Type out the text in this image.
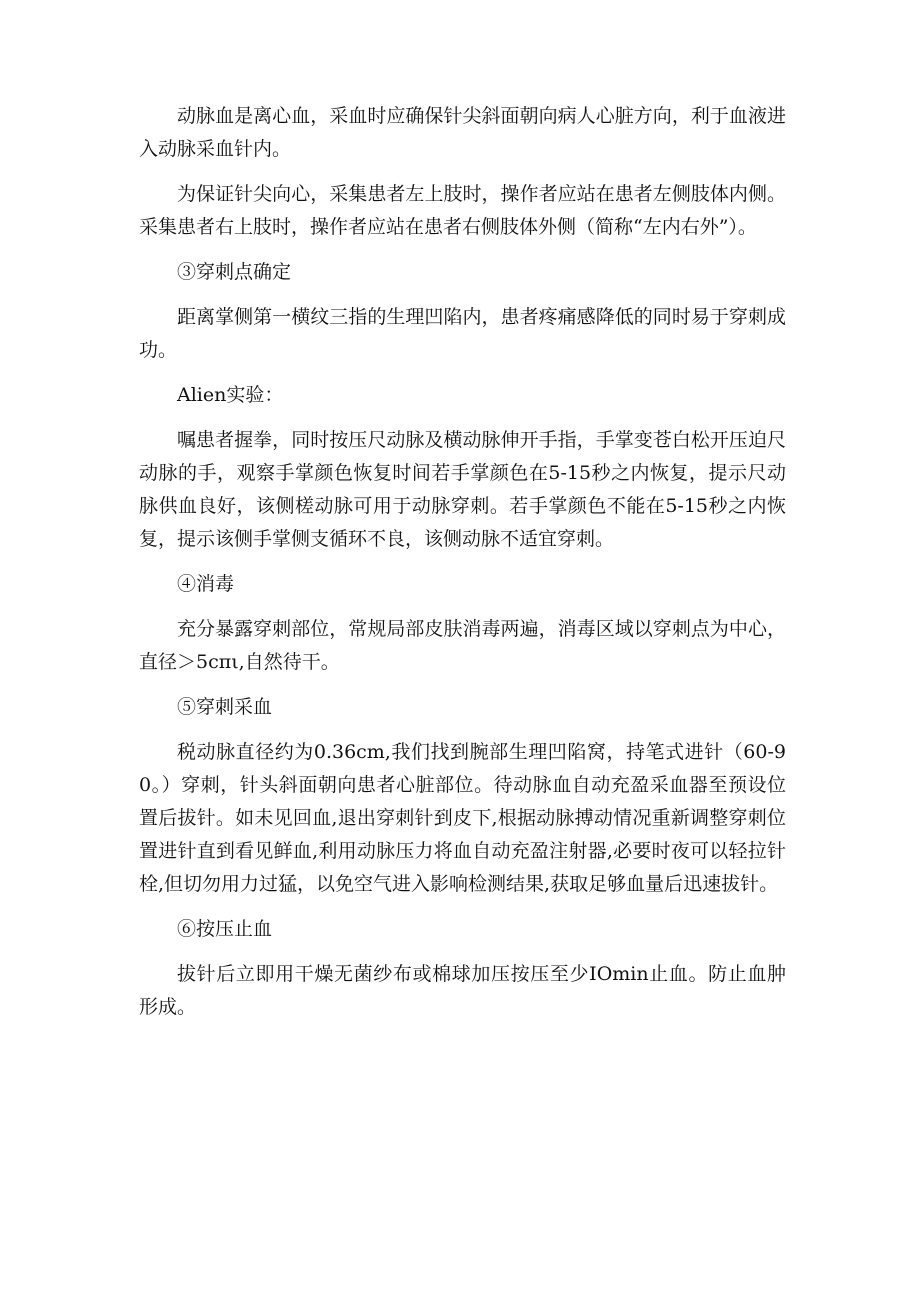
动脉血是离心血，采血时应确保针尖斜面朝向病人心脏方向，利于血液进入动脉采血针内。

为保证针尖向心，采集患者左上肢时，操作者应站在患者左侧肢体内侧。采集患者右上肢时，操作者应站在患者右侧肢体外侧（简称“左内右外”）。

③穿刺点确定

距离掌侧第一横纹三指的生理凹陷内，患者疼痛感降低的同时易于穿刺成功。

Alien实验：

嘱患者握拳，同时按压尺动脉及横动脉伸开手指，手掌变苍白松开压迫尺动脉的手，观察手掌颜色恢复时间若手掌颜色在5-15秒之内恢复，提示尺动脉供血良好，该侧槎动脉可用于动脉穿刺。若手掌颜色不能在5-15秒之内恢复，提示该侧手掌侧支循环不良，该侧动脉不适宜穿刺。

④消毒

充分暴露穿刺部位，常规局部皮肤消毒两遍，消毒区域以穿刺点为中心，直径＞5cπι,自然待干。

⑤穿刺采血

税动脉直径约为0.36cm,我们找到腕部生理凹陷窝，持笔式进针（60-90。）穿刺，针头斜面朝向患者心脏部位。待动脉血自动充盈采血器至预设位置后拔针。如未见回血,退出穿刺针到皮下,根据动脉搏动情况重新调整穿刺位置进针直到看见鲜血,利用动脉压力将血自动充盈注射器,必要时夜可以轻拉针栓,但切勿用力过猛，以免空气进入影响检测结果,获取足够血量后迅速拔针。

⑥按压止血

拔针后立即用干燥无菌纱布或棉球加压按压至少IOmin止血。防止血肿形成。
